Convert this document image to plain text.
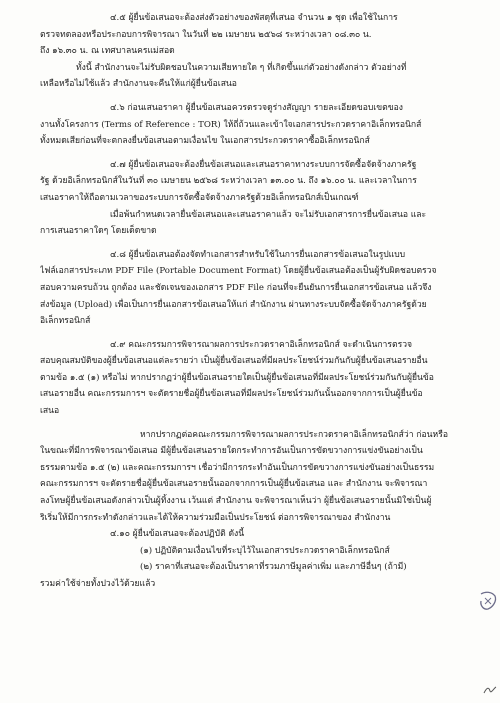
๔.๕ ผู้ยื่นข้อเสนอจะต้องส่งตัวอย่างของพัสดุที่เสนอ จำนวน ๑ ชุด เพื่อใช้ในการ
ตรวจทดลองหรือประกอบการพิจารณา ในวันที่ ๒๒ เมษายน ๒๕๖๘ ระหว่างเวลา ๐๘.๓๐ น.
ถึง ๑๖.๓๐ น. ณ เทศบาลนครแม่สอด
ทั้งนี้ สำนักงานจะไม่รับผิดชอบในความเสียหายใด ๆ ที่เกิดขึ้นแก่ตัวอย่างดังกล่าว ตัวอย่างที่
เหลือหรือไม่ใช้แล้ว สำนักงานจะคืนให้แก่ผู้ยื่นข้อเสนอ
๔.๖ ก่อนเสนอราคา ผู้ยื่นข้อเสนอควรตรวจดูร่างสัญญา รายละเอียดขอบเขตของ
งานทั้งโครงการ (Terms of Reference : TOR) ให้ถี่ถ้วนและเข้าใจเอกสารประกวดราคาอิเล็กทรอนิกส์
ทั้งหมดเสียก่อนที่จะตกลงยื่นข้อเสนอตามเงื่อนไข ในเอกสารประกวดราคาซื้ออิเล็กทรอนิกส์
๔.๗ ผู้ยื่นข้อเสนอจะต้องยื่นข้อเสนอและเสนอราคาทางระบบการจัดซื้อจัดจ้างภาครัฐ
รัฐ ด้วยอิเล็กทรอนิกส์ในวันที่ ๓๐ เมษายน ๒๕๖๘ ระหว่างเวลา ๑๓.๐๐ น. ถึง ๑๖.๐๐ น. และเวลาในการ
เสนอราคาให้ถือตามเวลาของระบบการจัดซื้อจัดจ้างภาครัฐด้วยอิเล็กทรอนิกส์เป็นเกณฑ์
เมื่อพ้นกำหนดเวลายื่นข้อเสนอและเสนอราคาแล้ว จะไม่รับเอกสารการยื่นข้อเสนอ และ
การเสนอราคาใดๆ โดยเด็ดขาด
๔.๘ ผู้ยื่นข้อเสนอต้องจัดทำเอกสารสำหรับใช้ในการยื่นเอกสารข้อเสนอในรูปแบบ
ไฟล์เอกสารประเภท PDF File (Portable Document Format) โดยผู้ยื่นข้อเสนอต้องเป็นผู้รับผิดชอบตรวจ
สอบความครบถ้วน ถูกต้อง และชัดเจนของเอกสาร PDF File ก่อนที่จะยืนยันการยื่นเอกสารข้อเสนอ แล้วจึง
ส่งข้อมูล (Upload) เพื่อเป็นการยื่นเอกสารข้อเสนอให้แก่ สำนักงาน ผ่านทางระบบจัดซื้อจัดจ้างภาครัฐด้วย
อิเล็กทรอนิกส์
๔.๙ คณะกรรมการพิจารณาผลการประกวดราคาอิเล็กทรอนิกส์ จะดำเนินการตรวจ
สอบคุณสมบัติของผู้ยื่นข้อเสนอแต่ละรายว่า เป็นผู้ยื่นข้อเสนอที่มีผลประโยชน์ร่วมกันกับผู้ยื่นข้อเสนอรายอื่น
ตามข้อ ๑.๕ (๑) หรือไม่ หากปรากฏว่าผู้ยื่นข้อเสนอรายใดเป็นผู้ยื่นข้อเสนอที่มีผลประโยชน์ร่วมกันกับผู้ยื่นข้อ
เสนอรายอื่น คณะกรรมการฯ จะตัดรายชื่อผู้ยื่นข้อเสนอที่มีผลประโยชน์ร่วมกันนั้นออกจากการเป็นผู้ยื่นข้อ
เสนอ
หากปรากฏต่อคณะกรรมการพิจารณาผลการประกวดราคาอิเล็กทรอนิกส์ว่า ก่อนหรือ
ในขณะที่มีการพิจารณาข้อเสนอ มีผู้ยื่นข้อเสนอรายใดกระทำการอันเป็นการขัดขวางการแข่งขันอย่างเป็น
ธรรมตามข้อ ๑.๕ (๒) และคณะกรรมการฯ เชื่อว่ามีการกระทำอันเป็นการขัดขวางการแข่งขันอย่างเป็นธรรม
คณะกรรมการฯ จะตัดรายชื่อผู้ยื่นข้อเสนอรายนั้นออกจากการเป็นผู้ยื่นข้อเสนอ และ สำนักงาน จะพิจารณา
ลงโทษผู้ยื่นข้อเสนอดังกล่าวเป็นผู้ทิ้งงาน เว้นแต่ สำนักงาน จะพิจารณาเห็นว่า ผู้ยื่นข้อเสนอรายนั้นมิใช่เป็นผู้
ริเริ่มให้มีการกระทำดังกล่าวและได้ให้ความร่วมมือเป็นประโยชน์ ต่อการพิจารณาของ สำนักงาน
๔.๑๐ ผู้ยื่นข้อเสนอจะต้องปฏิบัติ ดังนี้
(๑) ปฏิบัติตามเงื่อนไขที่ระบุไว้ในเอกสารประกวดราคาอิเล็กทรอนิกส์
(๒) ราคาที่เสนอจะต้องเป็นราคาที่รวมภาษีมูลค่าเพิ่ม และภาษีอื่นๆ (ถ้ามี)
รวมค่าใช้จ่ายทั้งปวงไว้ด้วยแล้ว
